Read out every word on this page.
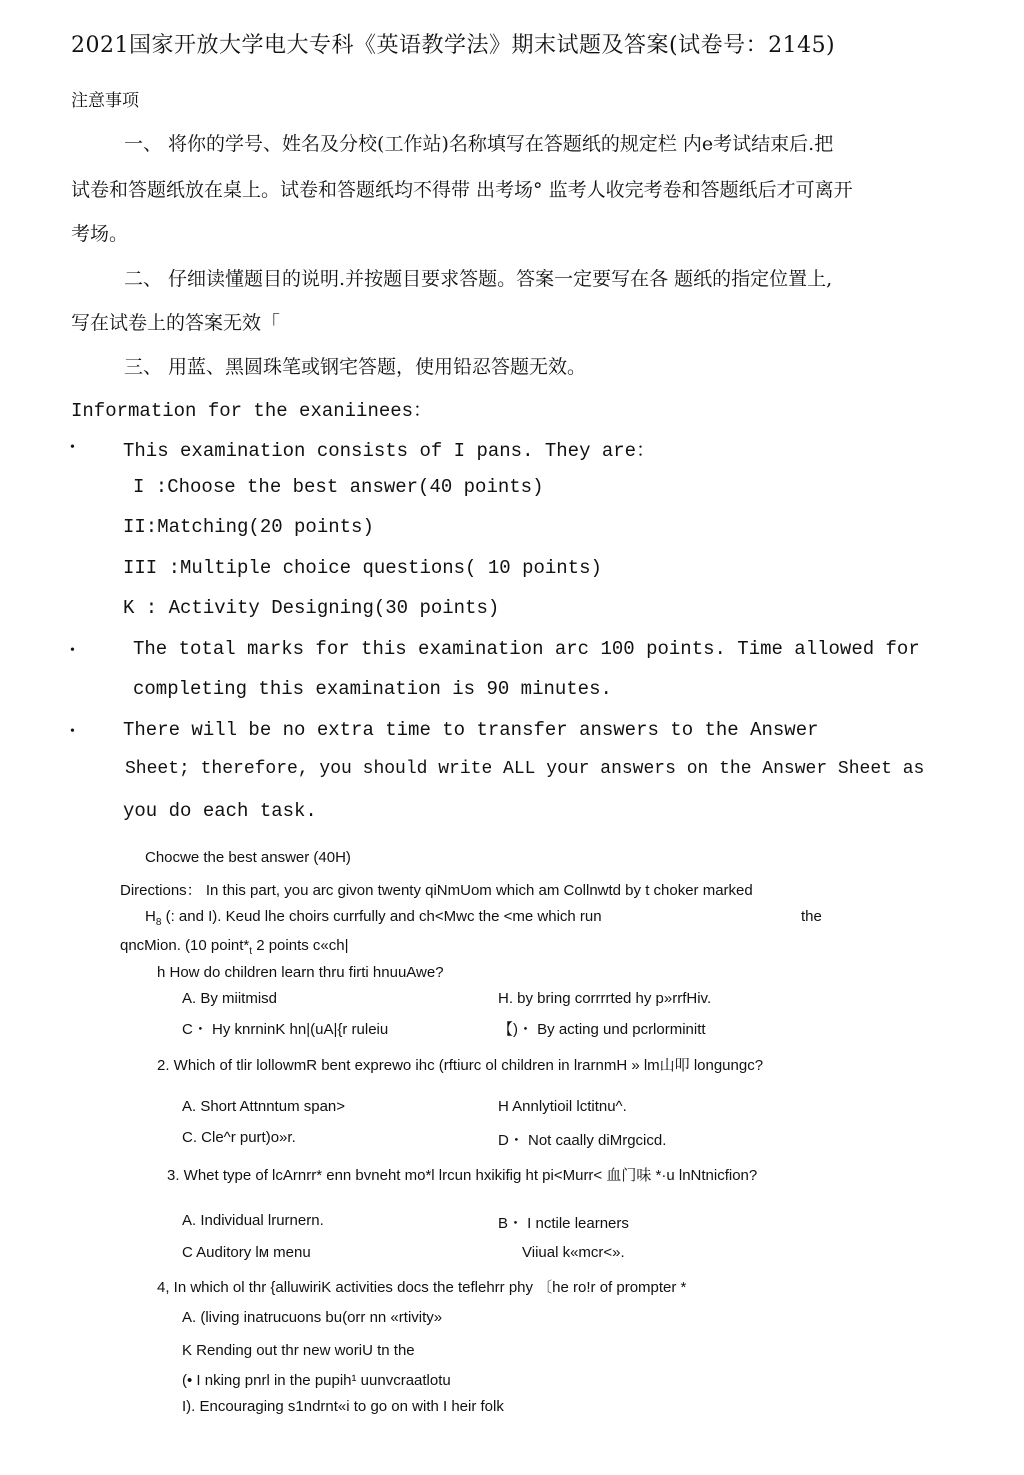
2021国家开放大学电大专科《英语教学法》期末试题及答案(试卷号：2145)
注意事项
一、 将你的学号、姓名及分校(工作站)名称填写在答题纸的规定栏 内e考试结束后.把
试卷和答题纸放在桌上。试卷和答题纸均不得带 出考场° 监考人收完考卷和答题纸后才可离开
考场。
二、 仔细读懂题目的说明.并按题目要求答题。答案一定要写在各 题纸的指定位置上,
写在试卷上的答案无效「
三、 用蓝、黑圆珠笔或钢宅答题，使用铅忍答题无效。
Information for the exaniinees：
•	This examination consists of I pans. They are：
I :Choose the best answer(40 points)
II:Matching(20 points)
III :Multiple choice questions( 10 points)
K : Activity Designing(30 points)
•	The total marks for this examination arc 100 points. Time allowed for
completing this examination is 90 minutes.
•	There will be no extra time to transfer answers to the Answer
Sheet; therefore, you should write ALL your answers on the Answer Sheet as
you do each task.
Chocwe the best answer (40H)
Directions： In this part, you arc givon twenty qiNmUom which am Collnwtd by t choker marked
$H_8$ (: and I). Keud lhe choirs currfully and ch<Mwc the <me which run	the
qncMion. (10 $point*_t$ 2 points c«ch|
h How do children learn thru firti hnuuAwe?
A. By miitmisd	H. by bring corrrrted hy p»rrfHiv.
C・ Hy knrninK hn|(uA|{r ruleiu	【)・ By acting und pcrlorminitt
2. Which of tlir lollowmR bent exprewo ihc (rftiurc ol children in lrarnmH » lm山叩 longungc?
A. Short Attnntum span>	H Annlytioil lctitnu^.
C. Cle^r purt)o»r.	D・ Not caally diMrgcicd.
3. Whet type of lcArnrr* enn bvneht mo*l lrcun hxikifig ht pi<Murr< 血门味 *·u lnNtnicfion?
A. Individual lrurnern.	B・ I nctile learners
C Auditory lм menu	Viiual k«mcr<».
4, In which ol thr {alluwiriK activities docs the teflehrr phy 〔he ro!r of prompter *
A. (living inatrucuons bu(orr nn «rtivity»
K Rending out thr new woriU tn the
(• I nking pnrl in the pupih¹ uunvcraatlotu
I). Encouraging s1ndrnt«i to go on with I heir folk
